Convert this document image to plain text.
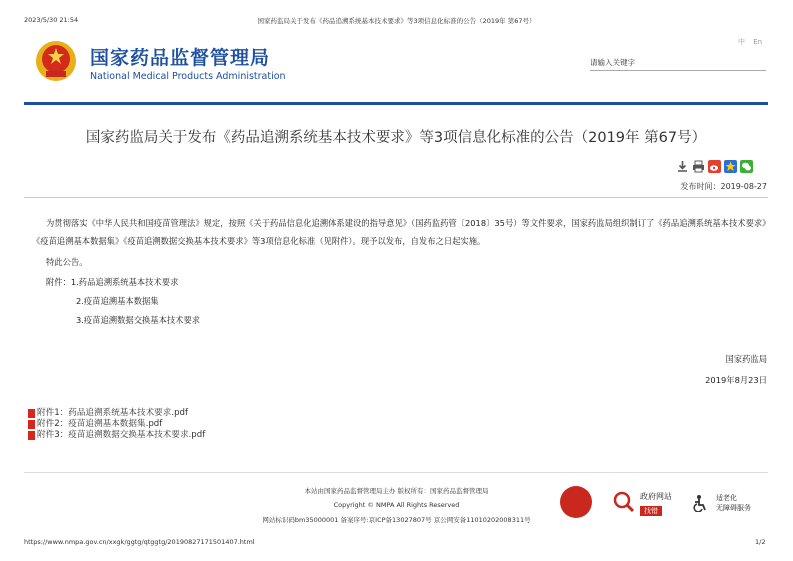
2023/5/30 21:54	国家药监局关于发布《药品追溯系统基本技术要求》等3项信息化标准的公告（2019年 第67号）
国家药品监督管理局
National Medical Products Administration
中 En
请输入关键字
国家药监局关于发布《药品追溯系统基本技术要求》等3项信息化标准的公告（2019年 第67号）
发布时间：2019-08-27
为贯彻落实《中华人民共和国疫苗管理法》规定，按照《关于药品信息化追溯体系建设的指导意见》（国药监药管〔2018〕35号）等文件要求，国家药监局组织制订了《药品追溯系统基本技术要求》《疫苗追溯基本数据集》《疫苗追溯数据交换基本技术要求》等3项信息化标准（见附件）。现予以发布，自发布之日起实施。
特此公告。
附件：1.药品追溯系统基本技术要求
2.疫苗追溯基本数据集
3.疫苗追溯数据交换基本技术要求
国家药监局
2019年8月23日
附件1：药品追溯系统基本技术要求.pdf
附件2：疫苗追溯基本数据集.pdf
附件3：疫苗追溯数据交换基本技术要求.pdf
本站由国家药品监督管理局主办 版权所有：国家药品监督管理局
Copyright © NMPA All Rights Reserved
网站标识码bm35000001 备案序号:京ICP备13027807号 京公网安备11010202008311号
政府网站
找错
适老化
无障碍服务
https://www.nmpa.gov.cn/xxgk/ggtg/qtggtg/20190827171501407.html	1/2
